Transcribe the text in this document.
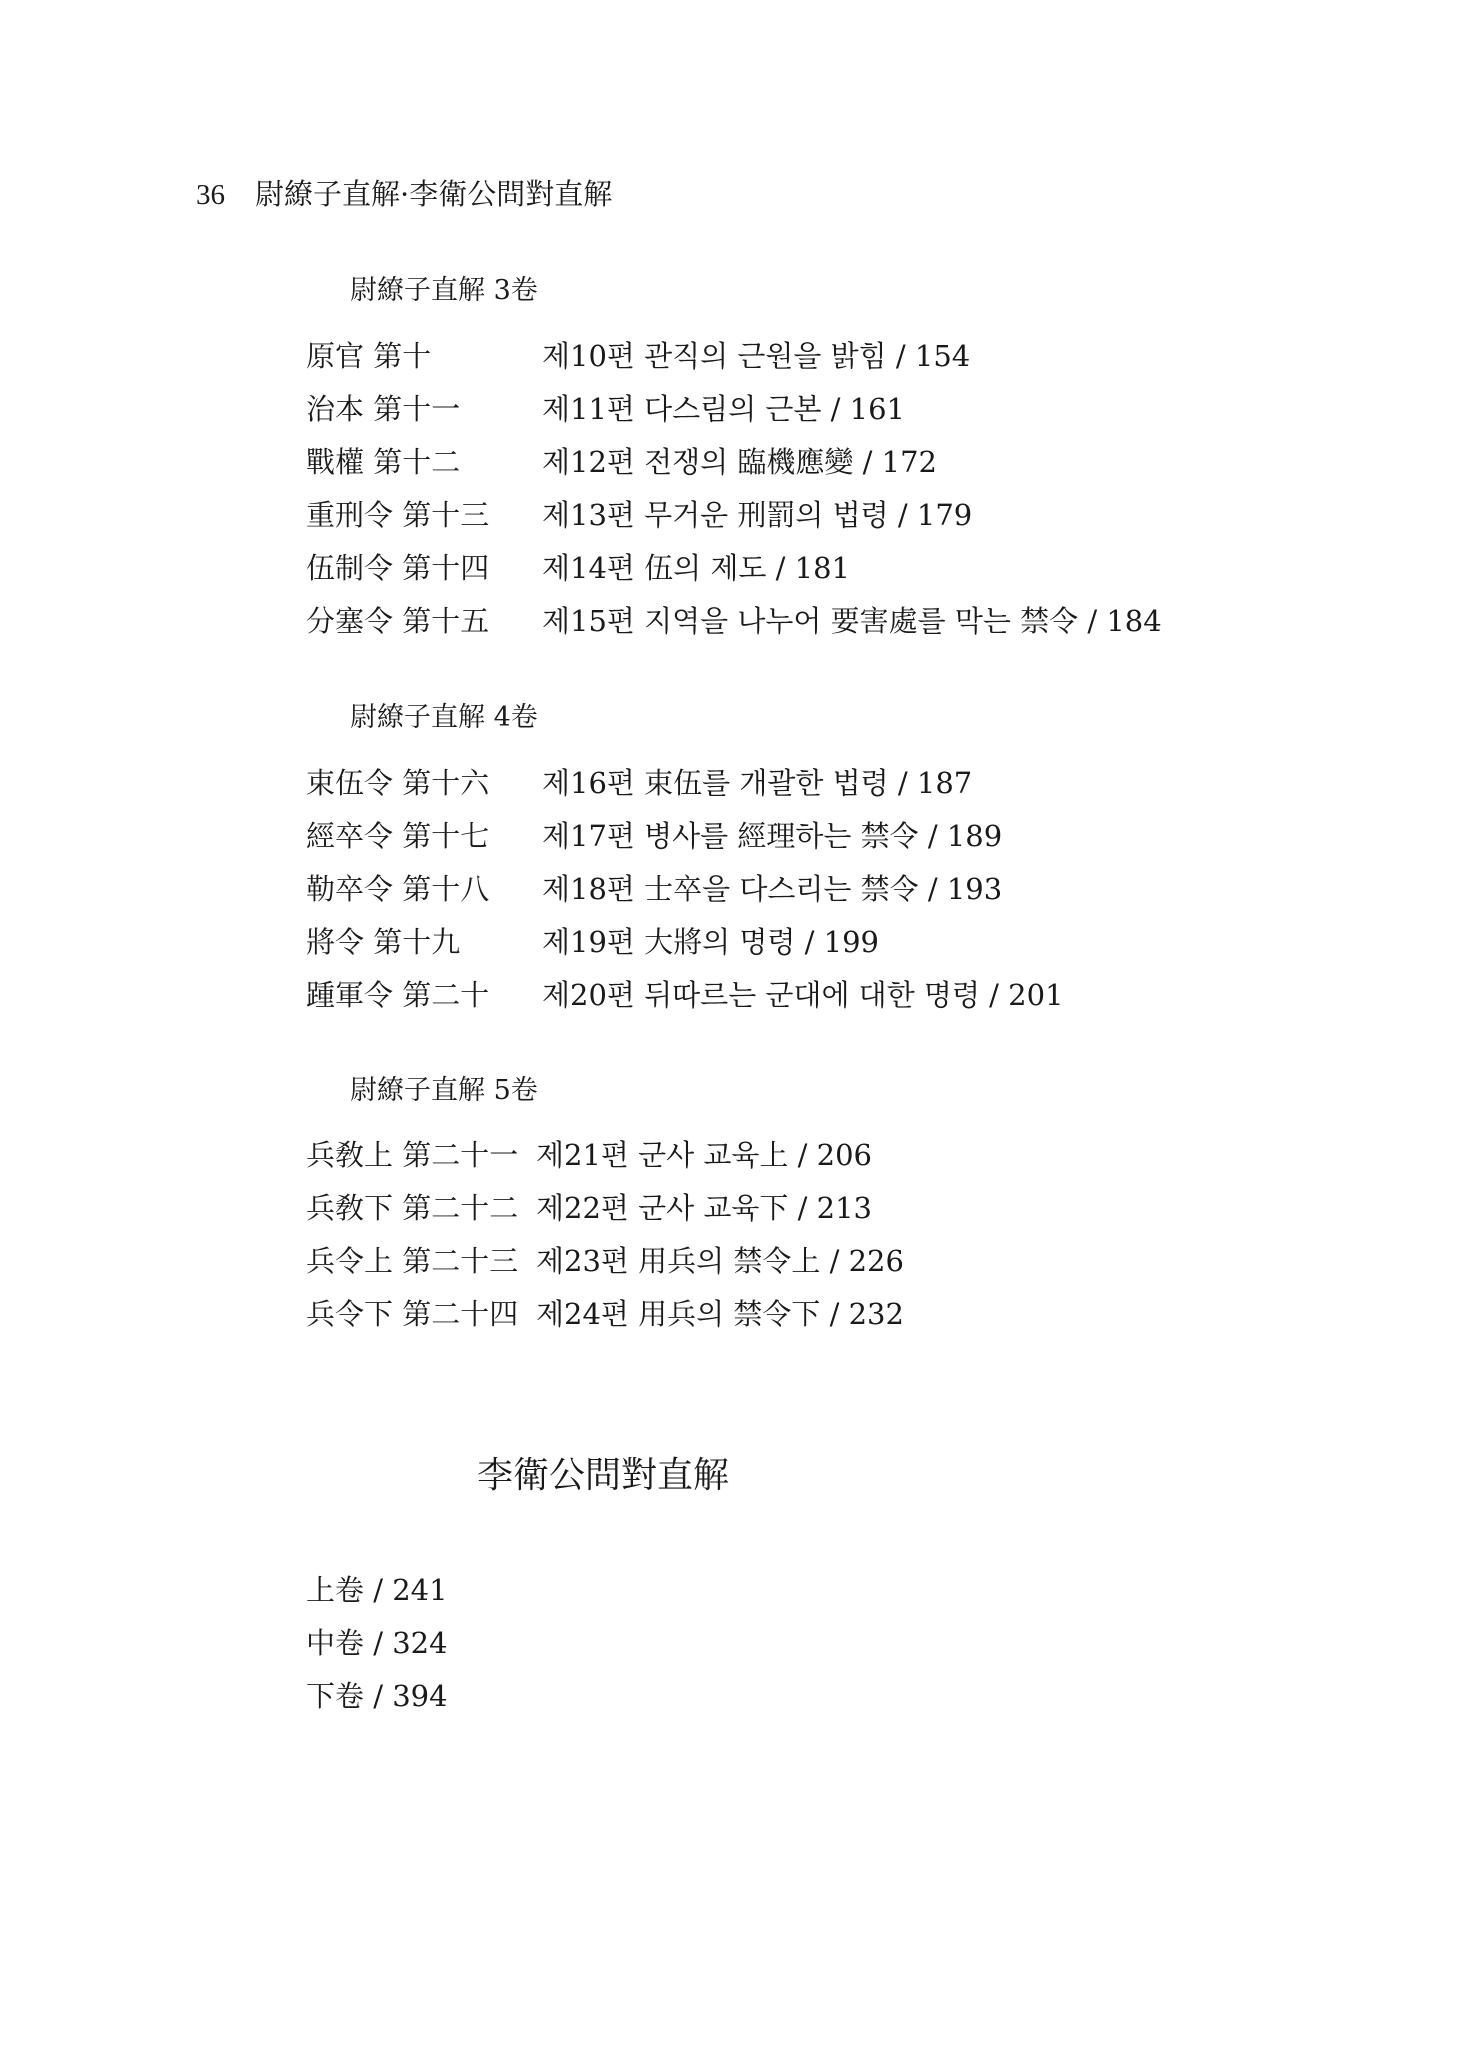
36 尉繚子直解·李衛公問對直解
尉繚子直解 3卷
原官 第十	제10편 관직의 근원을 밝힘 / 154
治本 第十一	제11편 다스림의 근본 / 161
戰權 第十二	제12편 전쟁의 臨機應變 / 172
重刑令 第十三	제13편 무거운 刑罰의 법령 / 179
伍制令 第十四	제14편 伍의 제도 / 181
分塞令 第十五	제15편 지역을 나누어 要害處를 막는 禁令 / 184
尉繚子直解 4卷
束伍令 第十六	제16편 束伍를 개괄한 법령 / 187
經卒令 第十七	제17편 병사를 經理하는 禁令 / 189
勒卒令 第十八	제18편 士卒을 다스리는 禁令 / 193
將令 第十九	제19편 大將의 명령 / 199
踵軍令 第二十	제20편 뒤따르는 군대에 대한 명령 / 201
尉繚子直解 5卷
兵敎上 第二十一 제21편 군사 교육上 / 206
兵敎下 第二十二 제22편 군사 교육下 / 213
兵令上 第二十三 제23편 用兵의 禁令上 / 226
兵令下 第二十四 제24편 用兵의 禁令下 / 232
李衛公問對直解
上卷 / 241
中卷 / 324
下卷 / 394
